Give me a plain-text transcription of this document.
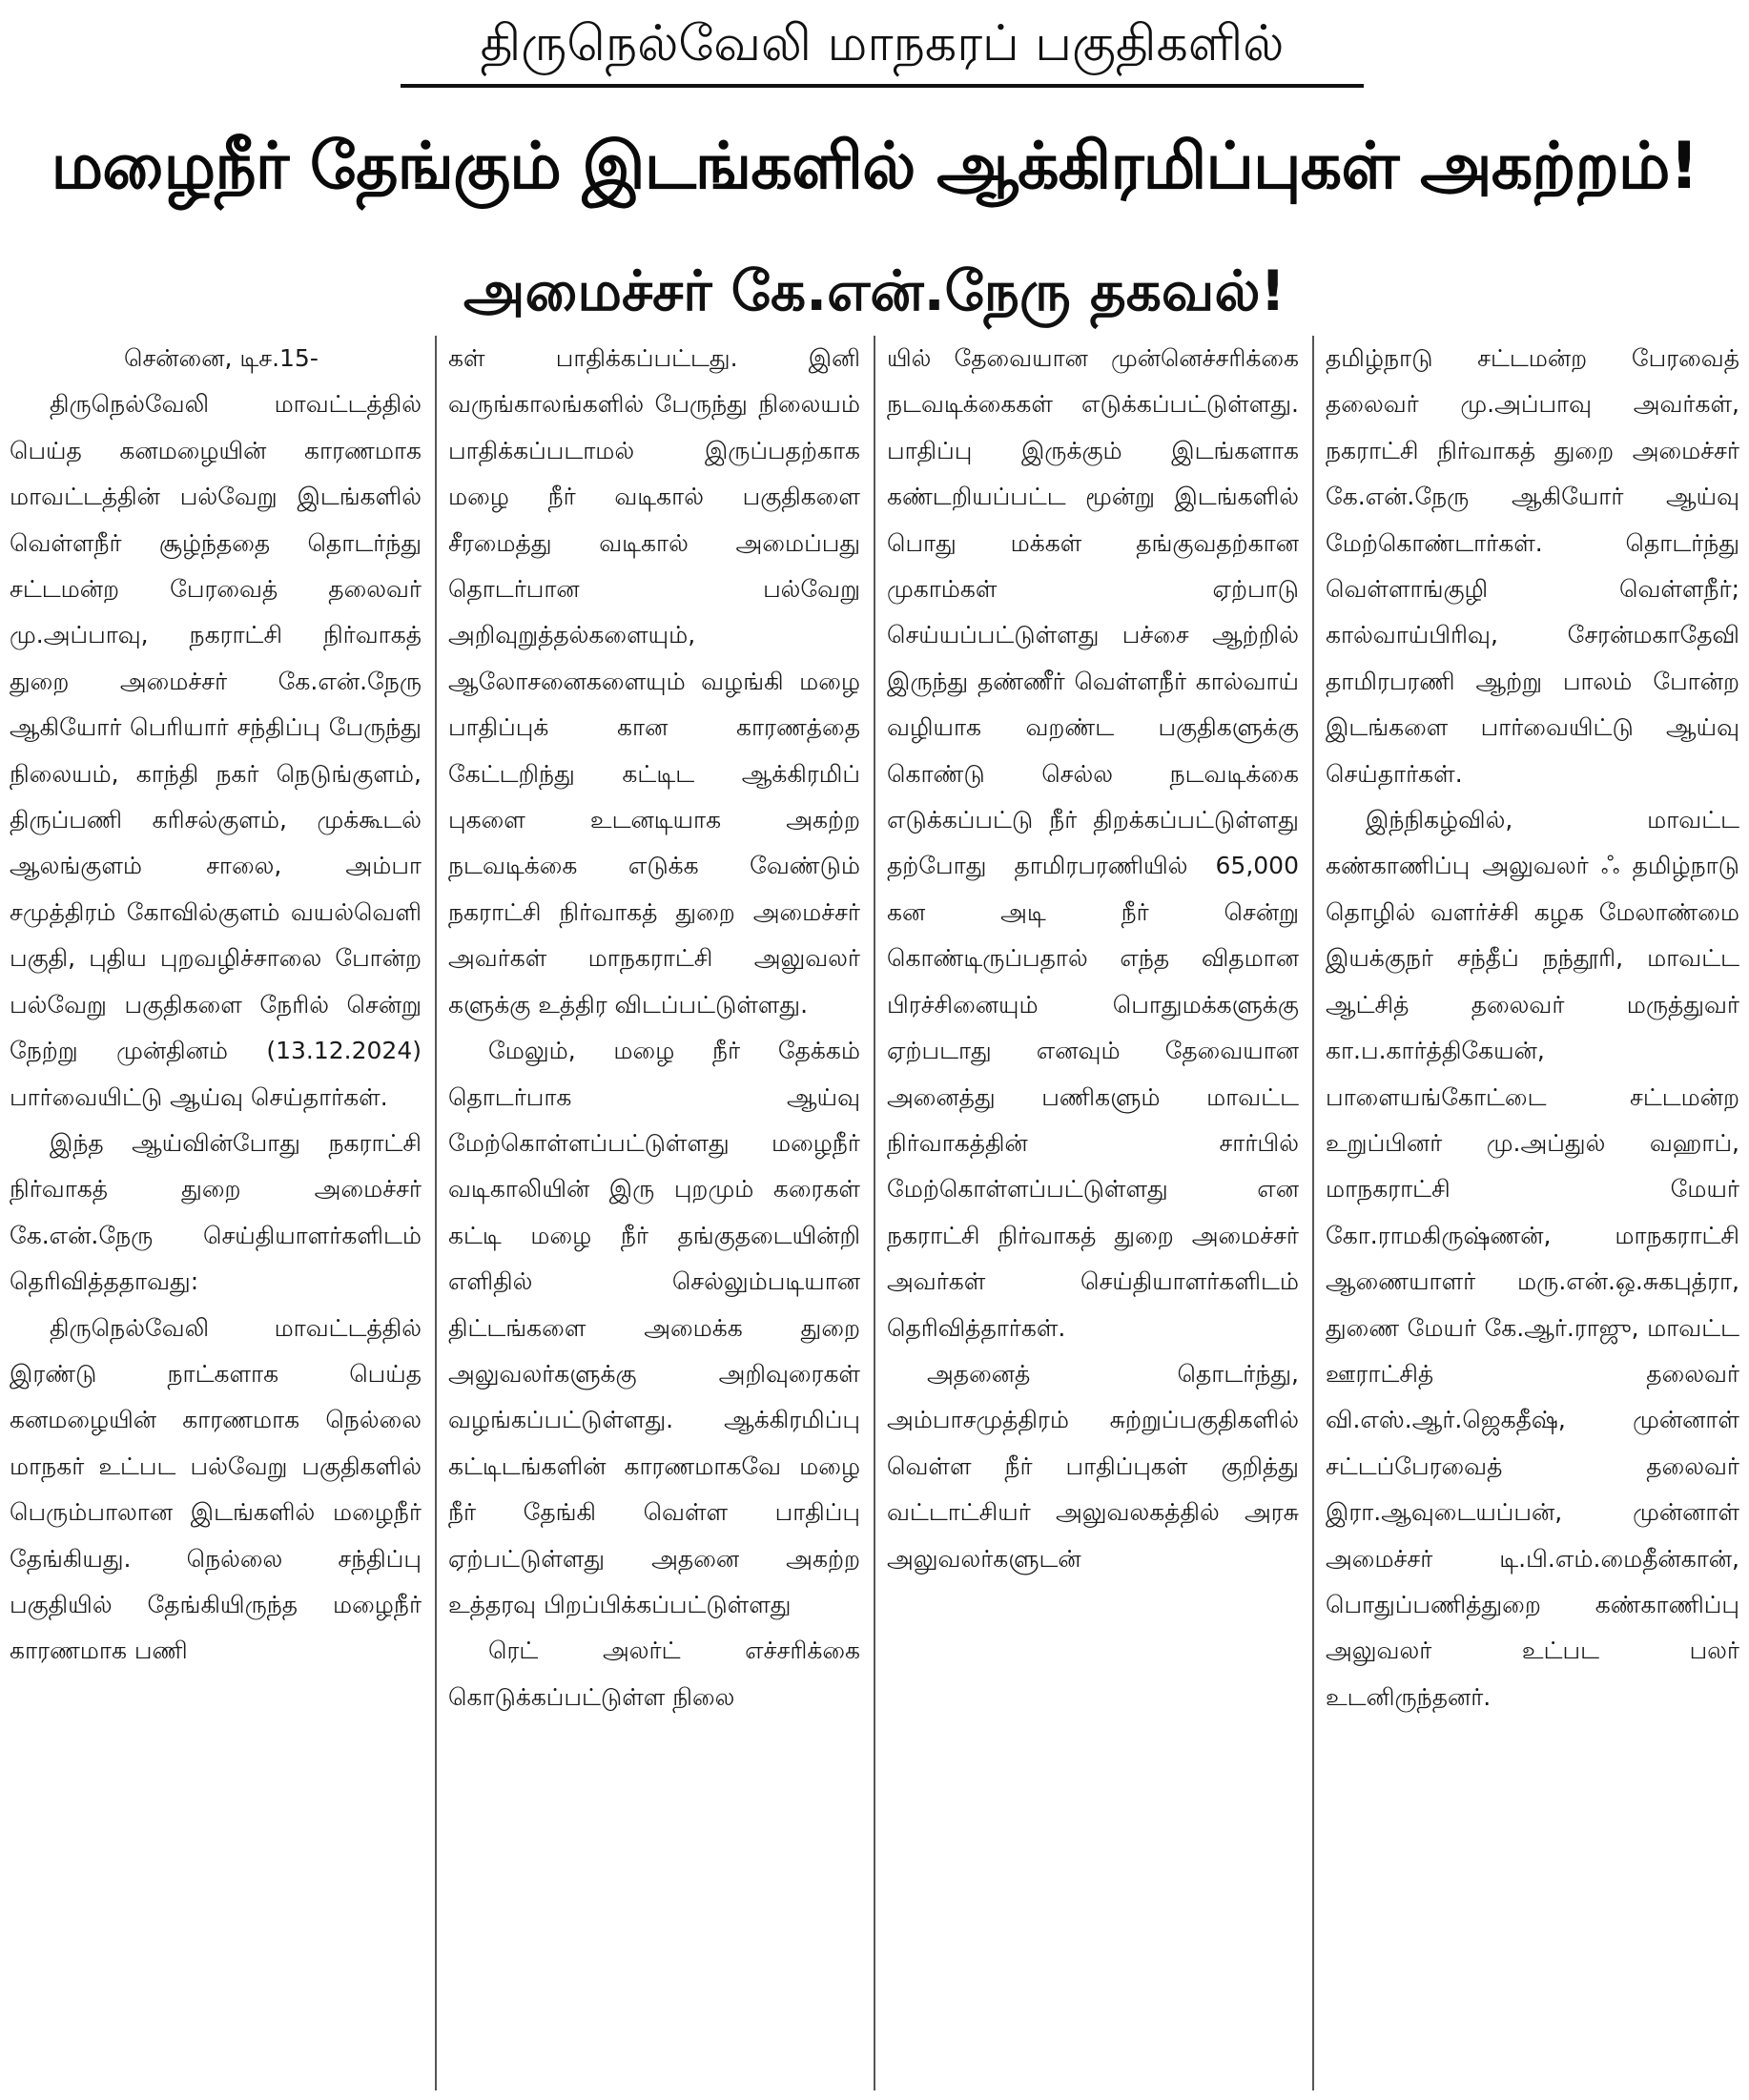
திருநெல்வேலி மாநகரப் பகுதிகளில்
மழைநீர் தேங்கும் இடங்களில் ஆக்கிரமிப்புகள் அகற்றம்!
அமைச்சர் கே.என்.நேரு தகவல்!

சென்னை, டிச.15-

திருநெல்வேலி மாவட்டத்தில் பெய்த கனமழையின் காரணமாக மாவட்டத்தின் பல்வேறு இடங்களில் வெள்ளநீர் சூழ்ந்ததை தொடர்ந்து சட்டமன்ற பேரவைத் தலைவர் மு.அப்பாவு, நகராட்சி நிர்வாகத் துறை அமைச்சர் கே.என்.நேரு ஆகியோர் பெரியார் சந்திப்பு பேருந்து நிலையம், காந்தி நகர் நெடுங்குளம், திருப்பணி கரிசல்குளம், முக்கூடல் ஆலங்குளம் சாலை, அம்பா சமுத்திரம் கோவில்குளம் வயல்வெளி பகுதி, புதிய புறவழிச்சாலை போன்ற பல்வேறு பகுதிகளை நேரில் சென்று நேற்று முன்தினம் (13.12.2024) பார்வையிட்டு ஆய்வு செய்தார்கள்.

இந்த ஆய்வின்போது நகராட்சி நிர்வாகத் துறை அமைச்சர் கே.என்.நேரு செய்தியாளர்களிடம் தெரிவித்ததாவது:

திருநெல்வேலி மாவட்டத்தில் இரண்டு நாட்களாக பெய்த கனமழையின் காரணமாக நெல்லை மாநகர் உட்பட பல்வேறு பகுதிகளில் பெரும்பாலான இடங்களில் மழைநீர் தேங்கியது. நெல்லை சந்திப்பு பகுதியில் தேங்கியிருந்த மழைநீர் காரணமாக பணி

கள் பாதிக்கப்பட்டது. இனி வருங்காலங்களில் பேருந்து நிலையம் பாதிக்கப்படாமல் இருப்பதற்காக மழை நீர் வடிகால் பகுதிகளை சீரமைத்து வடிகால் அமைப்பது தொடர்பான பல்வேறு அறிவுறுத்தல்களையும், ஆலோசனைகளையும் வழங்கி மழை பாதிப்புக் கான காரணத்தை கேட்டறிந்து கட்டிட ஆக்கிரமிப் புகளை உடனடியாக அகற்ற நடவடிக்கை எடுக்க வேண்டும் நகராட்சி நிர்வாகத் துறை அமைச்சர் அவர்கள் மாநகராட்சி அலுவலர் களுக்கு உத்திர விடப்பட்டுள்ளது.

மேலும், மழை நீர் தேக்கம் தொடர்பாக ஆய்வு மேற்கொள்ளப்பட்டுள்ளது மழைநீர் வடிகாலியின் இரு புறமும் கரைகள் கட்டி மழை நீர் தங்குதடையின்றி எளிதில் செல்லும்படியான திட்டங்களை அமைக்க துறை அலுவலர்களுக்கு அறிவுரைகள் வழங்கப்பட்டுள்ளது. ஆக்கிரமிப்பு கட்டிடங்களின் காரணமாகவே மழை நீர் தேங்கி வெள்ள பாதிப்பு ஏற்பட்டுள்ளது அதனை அகற்ற உத்தரவு பிறப்பிக்கப்பட்டுள்ளது

ரெட் அலர்ட் எச்சரிக்கை கொடுக்கப்பட்டுள்ள நிலை

யில் தேவையான முன்னெச்சரிக்கை நடவடிக்கைகள் எடுக்கப்பட்டுள்ளது. பாதிப்பு இருக்கும் இடங்களாக கண்டறியப்பட்ட மூன்று இடங்களில் பொது மக்கள் தங்குவதற்கான முகாம்கள் ஏற்பாடு செய்யப்பட்டுள்ளது பச்சை ஆற்றில் இருந்து தண்ணீர் வெள்ளநீர் கால்வாய் வழியாக வறண்ட பகுதிகளுக்கு கொண்டு செல்ல நடவடிக்கை எடுக்கப்பட்டு நீர் திறக்கப்பட்டுள்ளது தற்போது தாமிரபரணியில் 65,000 கன அடி நீர் சென்று கொண்டிருப்பதால் எந்த விதமான பிரச்சினையும் பொதுமக்களுக்கு ஏற்படாது எனவும் தேவையான அனைத்து பணிகளும் மாவட்ட நிர்வாகத்தின் சார்பில் மேற்கொள்ளப்பட்டுள்ளது என நகராட்சி நிர்வாகத் துறை அமைச்சர் அவர்கள் செய்தியாளர்களிடம் தெரிவித்தார்கள்.

அதனைத் தொடர்ந்து, அம்பாசமுத்திரம் சுற்றுப்பகுதிகளில் வெள்ள நீர் பாதிப்புகள் குறித்து வட்டாட்சியர் அலுவலகத்தில் அரசு அலுவலர்களுடன்

தமிழ்நாடு சட்டமன்ற பேரவைத் தலைவர் மு.அப்பாவு அவர்கள், நகராட்சி நிர்வாகத் துறை அமைச்சர் கே.என்.நேரு ஆகியோர் ஆய்வு மேற்கொண்டார்கள். தொடர்ந்து வெள்ளாங்குழி வெள்ளநீர்; கால்வாய்பிரிவு, சேரன்மகாதேவி தாமிரபரணி ஆற்று பாலம் போன்ற இடங்களை பார்வையிட்டு ஆய்வு செய்தார்கள்.

இந்நிகழ்வில், மாவட்ட கண்காணிப்பு அலுவலர் ஃ தமிழ்நாடு தொழில் வளர்ச்சி கழக மேலாண்மை இயக்குநர் சந்தீப் நந்தூரி, மாவட்ட ஆட்சித் தலைவர் மருத்துவர் கா.ப.கார்த்திகேயன், பாளையங்கோட்டை சட்டமன்ற உறுப்பினர் மு.அப்துல் வஹாப், மாநகராட்சி மேயர் கோ.ராமகிருஷ்ணன், மாநகராட்சி ஆணையாளர் மரு.என்.ஒ.சுகபுத்ரா, துணை மேயர் கே.ஆர்.ராஜு, மாவட்ட ஊராட்சித் தலைவர் வி.எஸ்.ஆர்.ஜெகதீஷ், முன்னாள் சட்டப்பேரவைத் தலைவர் இரா.ஆவுடையப்பன், முன்னாள் அமைச்சர் டி.பி.எம்.மைதீன்கான், பொதுப்பணித்துறை கண்காணிப்பு அலுவலர் உட்பட பலர் உடனிருந்தனர்.
